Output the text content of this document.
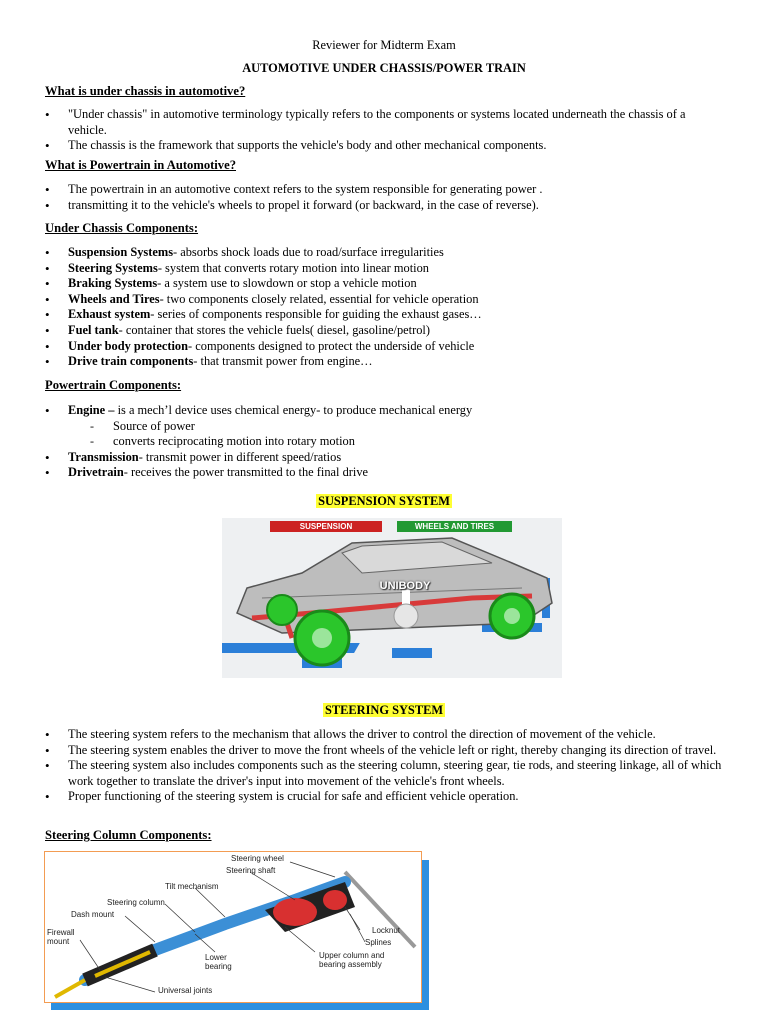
Reviewer for Midterm Exam
AUTOMOTIVE UNDER CHASSIS/POWER TRAIN
What is under chassis in automotive?
• "Under chassis" in automotive terminology typically refers to the components or systems located underneath the chassis of a vehicle.
• The chassis is the framework that supports the vehicle's body and other mechanical components.
What is Powertrain in Automotive?
• The powertrain in an automotive context refers to the system responsible for generating power .
• transmitting it to the vehicle's wheels to propel it forward (or backward, in the case of reverse).
Under Chassis Components:
• Suspension Systems- absorbs shock loads due to road/surface irregularities
• Steering Systems- system that converts rotary motion into linear motion
• Braking Systems- a system use to slowdown or stop a vehicle motion
• Wheels and Tires- two components closely related, essential for vehicle operation
• Exhaust system- series of components responsible for guiding the exhaust gases…
• Fuel tank- container that stores the vehicle fuels( diesel, gasoline/petrol)
• Under body protection- components designed to protect the underside of vehicle
• Drive train components- that transmit power from engine…
Powertrain Components:
• Engine – is a mech’l device uses chemical energy- to produce mechanical energy
- Source of power
- converts reciprocating motion into rotary motion
• Transmission- transmit power in different speed/ratios
• Drivetrain- receives the power transmitted to the final drive
SUSPENSION SYSTEM
SUSPENSION	WHEELS AND TIRES
UNIBODY
STEERING SYSTEM
• The steering system refers to the mechanism that allows the driver to control the direction of movement of the vehicle.
• The steering system enables the driver to move the front wheels of the vehicle left or right, thereby changing its direction of travel.
• The steering system also includes components such as the steering column, steering gear, tie rods, and steering linkage, all of which work together to translate the driver's input into movement of the vehicle's front wheels.
• Proper functioning of the steering system is crucial for safe and efficient vehicle operation.
Steering Column Components:
Steering wheel
Steering shaft
Tilt mechanism
Steering column
Dash mount
Firewall mount
Lower bearing
Upper column and bearing assembly
Locknut
Splines
Universal joints
